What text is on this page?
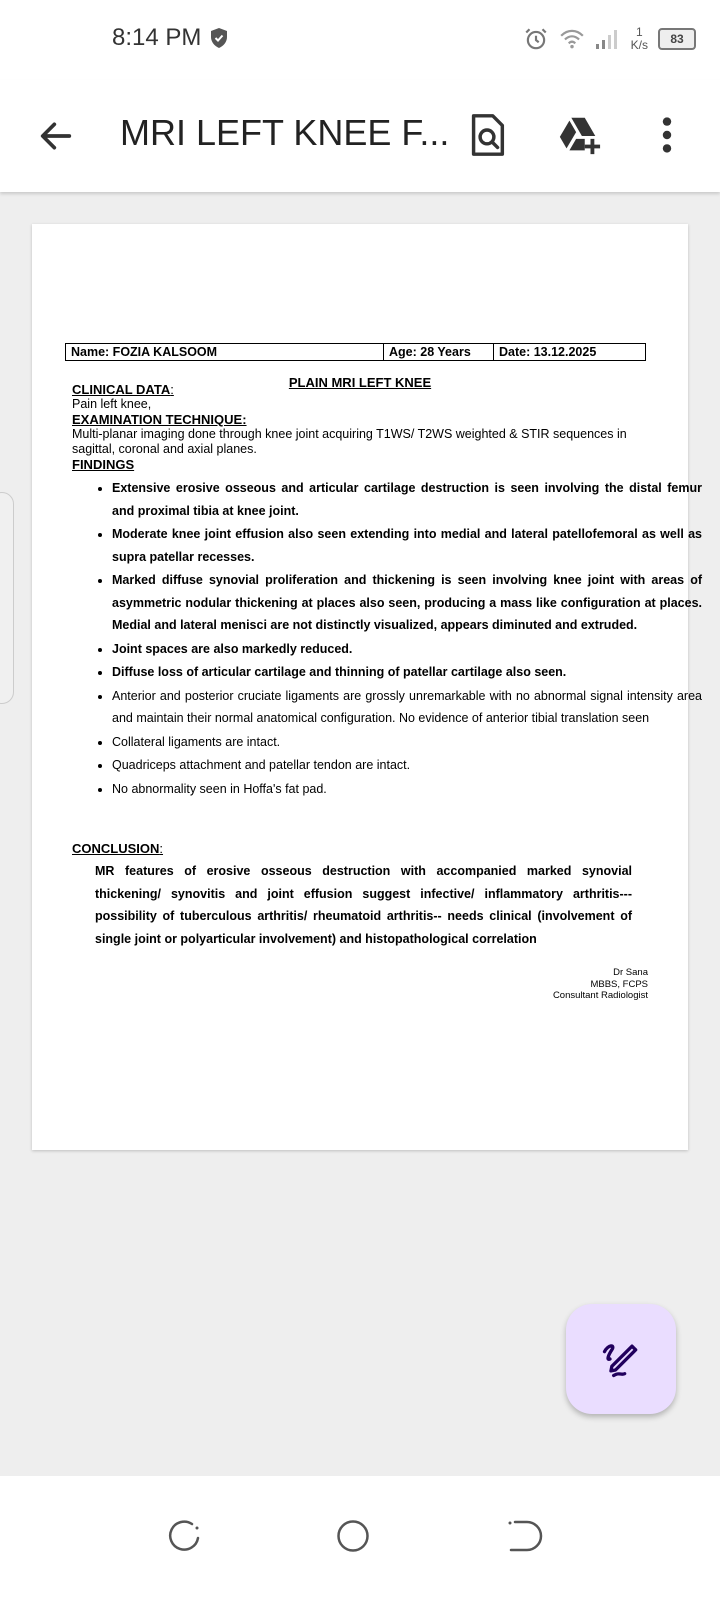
8:14 PM	1
K/s 83
MRI LEFT KNEE F...
Name: FOZIA KALSOOM	Age: 28 Years	Date: 13.12.2025
PLAIN MRI LEFT KNEE
CLINICAL DATA:
Pain left knee,
EXAMINATION TECHNIQUE:
Multi-planar imaging done through knee joint acquiring T1WS/ T2WS weighted & STIR sequences in sagittal, coronal and axial planes.
FINDINGS
• Extensive erosive osseous and articular cartilage destruction is seen involving the distal femur and proximal tibia at knee joint.
• Moderate knee joint effusion also seen extending into medial and lateral patellofemoral as well as supra patellar recesses.
• Marked diffuse synovial proliferation and thickening is seen involving knee joint with areas of asymmetric nodular thickening at places also seen, producing a mass like configuration at places. Medial and lateral menisci are not distinctly visualized, appears diminuted and extruded.
• Joint spaces are also markedly reduced.
• Diffuse loss of articular cartilage and thinning of patellar cartilage also seen.
• Anterior and posterior cruciate ligaments are grossly unremarkable with no abnormal signal intensity area and maintain their normal anatomical configuration. No evidence of anterior tibial translation seen
• Collateral ligaments are intact.
• Quadriceps attachment and patellar tendon are intact.
• No abnormality seen in Hoffa's fat pad.
CONCLUSION:
MR features of erosive osseous destruction with accompanied marked synovial thickening/ synovitis and joint effusion suggest infective/ inflammatory arthritis---possibility of tuberculous arthritis/ rheumatoid arthritis-- needs clinical (involvement of single joint or polyarticular involvement) and histopathological correlation
Dr Sana
MBBS, FCPS
Consultant Radiologist
